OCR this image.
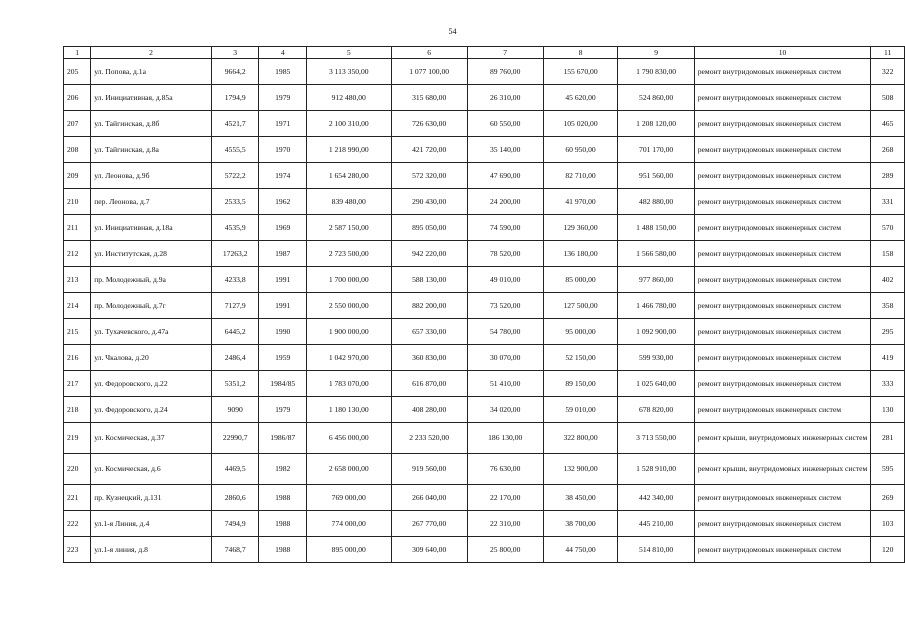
54
1	2	3	4	5	6	7	8	9	10	11
205	ул. Попова, д.1а	9664,2	1985	3 113 350,00	1 077 100,00	89 760,00	155 670,00	1 790 830,00	ремонт внутридомовых инженерных систем	322
206	ул. Инициативная, д.85а	1794,9	1979	912 480,00	315 680,00	26 310,00	45 620,00	524 860,00	ремонт внутридомовых инженерных систем	508
207	ул. Тайгинская, д.8б	4521,7	1971	2 100 310,00	726 630,00	60 550,00	105 020,00	1 208 120,00	ремонт внутридомовых инженерных систем	465
208	ул. Тайгинская, д.8а	4555,5	1970	1 218 990,00	421 720,00	35 140,00	60 950,00	701 170,00	ремонт внутридомовых инженерных систем	268
209	ул. Леонова, д.9б	5722,2	1974	1 654 280,00	572 320,00	47 690,00	82 710,00	951 560,00	ремонт внутридомовых инженерных систем	289
210	пер. Леонова, д.7	2533,5	1962	839 480,00	290 430,00	24 200,00	41 970,00	482 880,00	ремонт внутридомовых инженерных систем	331
211	ул. Инициативная, д.18а	4535,9	1969	2 587 150,00	895 050,00	74 590,00	129 360,00	1 488 150,00	ремонт внутридомовых инженерных систем	570
212	ул. Институтская, д.28	17263,2	1987	2 723 500,00	942 220,00	78 520,00	136 180,00	1 566 580,00	ремонт внутридомовых инженерных систем	158
213	пр. Молодежный, д.9а	4233,8	1991	1 700 000,00	588 130,00	49 010,00	85 000,00	977 860,00	ремонт внутридомовых инженерных систем	402
214	пр. Молодежный, д.7г	7127,9	1991	2 550 000,00	882 200,00	73 520,00	127 500,00	1 466 780,00	ремонт внутридомовых инженерных систем	358
215	ул. Тухачевского, д.47а	6445,2	1990	1 900 000,00	657 330,00	54 780,00	95 000,00	1 092 900,00	ремонт внутридомовых инженерных систем	295
216	ул. Чкалова, д.20	2486,4	1959	1 042 970,00	360 830,00	30 070,00	52 150,00	599 930,00	ремонт внутридомовых инженерных систем	419
217	ул. Федоровского, д.22	5351,2	1984/85	1 783 070,00	616 870,00	51 410,00	89 150,00	1 025 640,00	ремонт внутридомовых инженерных систем	333
218	ул. Федоровского, д.24	9090	1979	1 180 130,00	408 280,00	34 020,00	59 010,00	678 820,00	ремонт внутридомовых инженерных систем	130
219	ул. Космическая, д.37	22990,7	1986/87	6 456 000,00	2 233 520,00	186 130,00	322 800,00	3 713 550,00	ремонт крыши, внутридомовых инженерных систем	281
220	ул. Космическая, д.6	4469,5	1982	2 658 000,00	919 560,00	76 630,00	132 900,00	1 528 910,00	ремонт крыши, внутридомовых инженерных систем	595
221	пр. Кузнецкий, д.131	2860,6	1988	769 000,00	266 040,00	22 170,00	38 450,00	442 340,00	ремонт внутридомовых инженерных систем	269
222	ул.1-я Линия, д.4	7494,9	1988	774 000,00	267 770,00	22 310,00	38 700,00	445 210,00	ремонт внутридомовых инженерных систем	103
223	ул.1-я линия, д.8	7468,7	1988	895 000,00	309 640,00	25 800,00	44 750,00	514 810,00	ремонт внутридомовых инженерных систем	120
